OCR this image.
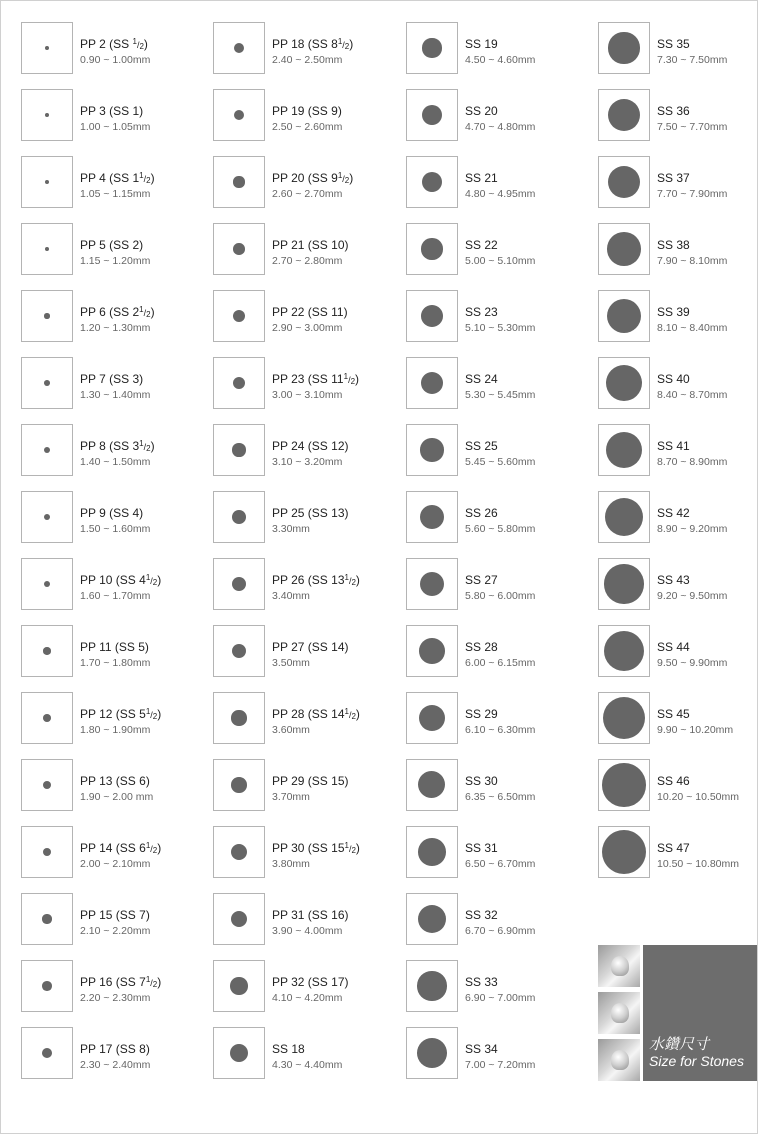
PP 2 (SS $^1/_2$)
0.90 ~ 1.00mm
PP 3 (SS 1)
1.00 ~ 1.05mm
PP 4 (SS $1^1/_2$)
1.05 ~ 1.15mm
PP 5 (SS 2)
1.15 ~ 1.20mm
PP 6 (SS $2^1/_2$)
1.20 ~ 1.30mm
PP 7 (SS 3)
1.30 ~ 1.40mm
PP 8 (SS $3^1/_2$)
1.40 ~ 1.50mm
PP 9 (SS 4)
1.50 ~ 1.60mm
PP 10 (SS $4^1/_2$)
1.60 ~ 1.70mm
PP 11 (SS 5)
1.70 ~ 1.80mm
PP 12 (SS $5^1/_2$)
1.80 ~ 1.90mm
PP 13 (SS 6)
1.90 ~ 2.00 mm
PP 14 (SS $6^1/_2$)
2.00 ~ 2.10mm
PP 15 (SS 7)
2.10 ~ 2.20mm
PP 16 (SS $7^1/_2$)
2.20 ~ 2.30mm
PP 17 (SS 8)
2.30 ~ 2.40mm
PP 18 (SS $8^1/_2$)
2.40 ~ 2.50mm
PP 19 (SS 9)
2.50 ~ 2.60mm
PP 20 (SS $9^1/_2$)
2.60 ~ 2.70mm
PP 21 (SS 10)
2.70 ~ 2.80mm
PP 22 (SS 11)
2.90 ~ 3.00mm
PP 23 (SS $11^1/_2$)
3.00 ~ 3.10mm
PP 24 (SS 12)
3.10 ~ 3.20mm
PP 25 (SS 13)
3.30mm
PP 26 (SS $13^1/_2$)
3.40mm
PP 27 (SS 14)
3.50mm
PP 28 (SS $14^1/_2$)
3.60mm
PP 29 (SS 15)
3.70mm
PP 30 (SS $15^1/_2$)
3.80mm
PP 31 (SS 16)
3.90 ~ 4.00mm
PP 32 (SS 17)
4.10 ~ 4.20mm
SS 18
4.30 ~ 4.40mm
SS 19
4.50 ~ 4.60mm
SS 20
4.70 ~ 4.80mm
SS 21
4.80 ~ 4.95mm
SS 22
5.00 ~ 5.10mm
SS 23
5.10 ~ 5.30mm
SS 24
5.30 ~ 5.45mm
SS 25
5.45 ~ 5.60mm
SS 26
5.60 ~ 5.80mm
SS 27
5.80 ~ 6.00mm
SS 28
6.00 ~ 6.15mm
SS 29
6.10 ~ 6.30mm
SS 30
6.35 ~ 6.50mm
SS 31
6.50 ~ 6.70mm
SS 32
6.70 ~ 6.90mm
SS 33
6.90 ~ 7.00mm
SS 34
7.00 ~ 7.20mm
SS 35
7.30 ~ 7.50mm
SS 36
7.50 ~ 7.70mm
SS 37
7.70 ~ 7.90mm
SS 38
7.90 ~ 8.10mm
SS 39
8.10 ~ 8.40mm
SS 40
8.40 ~ 8.70mm
SS 41
8.70 ~ 8.90mm
SS 42
8.90 ~ 9.20mm
SS 43
9.20 ~ 9.50mm
SS 44
9.50 ~ 9.90mm
SS 45
9.90 ~ 10.20mm
SS 46
10.20 ~ 10.50mm
SS 47
10.50 ~ 10.80mm
水鑽尺寸
Size for Stones
